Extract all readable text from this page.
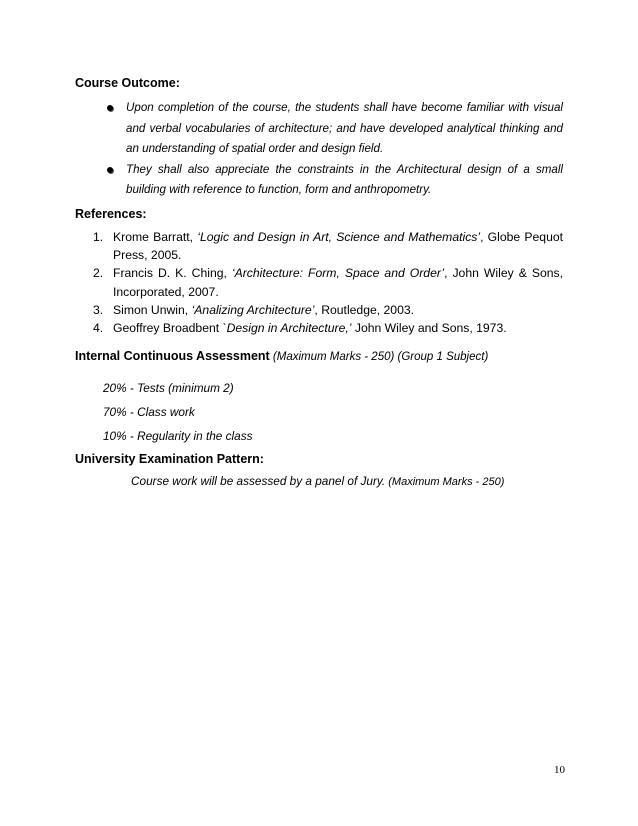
Course Outcome:
Upon completion of the course, the students shall have become familiar with visual and verbal vocabularies of architecture; and have developed analytical thinking and an understanding of spatial order and design field.
They shall also appreciate the constraints in the Architectural design of a small building with reference to function, form and anthropometry.
References:
1. Krome Barratt, ‘Logic and Design in Art, Science and Mathematics’, Globe Pequot Press, 2005.
2. Francis D. K. Ching, ‘Architecture: Form, Space and Order’, John Wiley & Sons, Incorporated, 2007.
3. Simon Unwin, ‘Analizing Architecture’, Routledge, 2003.
4. Geoffrey Broadbent `Design in Architecture,’ John Wiley and Sons, 1973.
Internal Continuous Assessment (Maximum Marks - 250) (Group 1 Subject)
20% - Tests (minimum 2)
70% - Class work
10% - Regularity in the class
University Examination Pattern:
Course work will be assessed by a panel of Jury. (Maximum Marks - 250)
10
